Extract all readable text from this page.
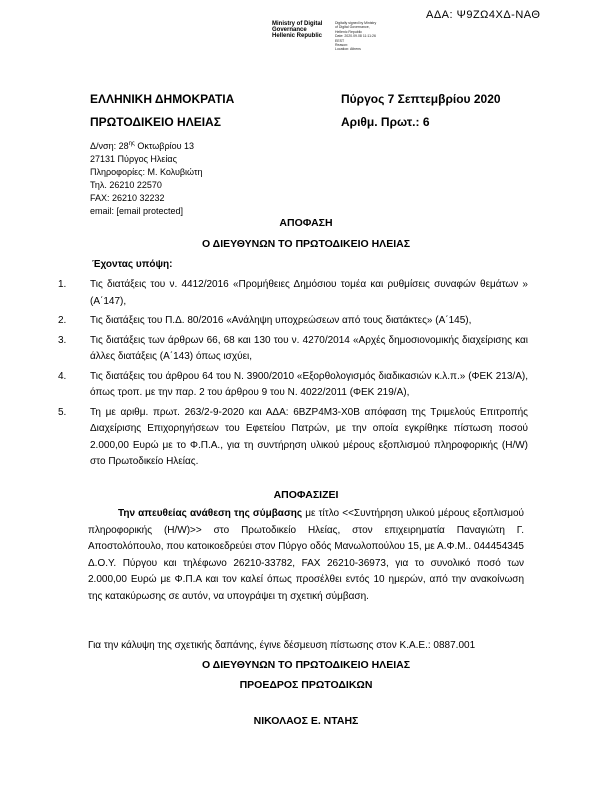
ΑΔΑ: Ψ9ΖΩ4ΧΔ-ΝΑΘ
Ministry of Digital
Governance
Hellenic Republic
Digitally signed by Ministry
of Digital Governance,
Hellenic Republic
Date: 2020.09.08 11:11:26
EEST
Reason:
Location: Athens
ΕΛΛΗΝΙΚΗ ΔΗΜΟΚΡΑΤΙΑ	Πύργος 7 Σεπτεμβρίου 2020
ΠΡΩΤΟΔΙΚΕΙΟ ΗΛΕΙΑΣ	Αριθμ. Πρωτ.: 6
Δ/νση: $28^{\eta\varsigma}$ Οκτωβρίου 13
27131 Πύργος Ηλείας
Πληροφορίες: Μ. Κολυβιώτη
Τηλ. 26210 22570
FAX: 26210 32232
email: [email protected]
ΑΠΟΦΑΣΗ
Ο ΔΙΕΥΘΥΝΩΝ ΤΟ ΠΡΩΤΟΔΙΚΕΙΟ ΗΛΕΙΑΣ
Έχοντας υπόψη:
1. Τις διατάξεις του ν. 4412/2016 «Προμήθειες Δημόσιου τομέα και ρυθμίσεις συναφών θεμάτων » (Α΄147),
2. Τις διατάξεις του Π.Δ. 80/2016 «Ανάληψη υποχρεώσεων από τους διατάκτες» (Α΄145),
3. Τις διατάξεις των άρθρων 66, 68 και 130 του ν. 4270/2014 «Αρχές δημοσιονομικής διαχείρισης και άλλες διατάξεις (Α΄143) όπως ισχύει,
4. Τις διατάξεις του άρθρου 64 του Ν. 3900/2010 «Εξορθολογισμός διαδικασιών κ.λ.π.» (ΦΕΚ 213/Α), όπως τροπ. με την παρ. 2 του άρθρου 9 του Ν. 4022/2011 (ΦΕΚ 219/Α),
5. Τη με αριθμ. πρωτ. 263/2-9-2020 και ΑΔΑ: 6ΒΖΡ4Μ3-Χ0Β απόφαση της Τριμελούς Επιτροπής Διαχείρισης Επιχορηγήσεων του Εφετείου Πατρών, με την οποία εγκρίθηκε πίστωση ποσού 2.000,00 Ευρώ με το Φ.Π.Α., για τη συντήρηση υλικού μέρους εξοπλισμού πληροφορικής (Η/W) στο Πρωτοδικείο Ηλείας.
ΑΠΟΦΑΣΙΖΕΙ
Την απευθείας ανάθεση της σύμβασης με τίτλο <<Συντήρηση υλικού μέρους εξοπλισμού πληροφορικής (Η/W)>> στο Πρωτοδικείο Ηλείας, στον επιχειρηματία Παναγιώτη Γ. Αποστολόπουλο, που κατοικοεδρεύει στον Πύργο οδός Μανωλοπούλου 15, με Α.Φ.Μ.. 044454345 Δ.Ο.Υ. Πύργου και τηλέφωνο 26210-33782, FAX 26210-36973, για το συνολικό ποσό των 2.000,00 Ευρώ με Φ.Π.Α και τον καλεί όπως προσέλθει εντός 10 ημερών, από την ανακοίνωση της κατακύρωσης σε αυτόν, να υπογράψει τη σχετική σύμβαση.
Για την κάλυψη της σχετικής δαπάνης, έγινε δέσμευση πίστωσης στον Κ.Α.Ε.: 0887.001
Ο ΔΙΕΥΘΥΝΩΝ ΤΟ ΠΡΩΤΟΔΙΚΕΙΟ ΗΛΕΙΑΣ
ΠΡΟΕΔΡΟΣ ΠΡΩΤΟΔΙΚΩΝ
ΝΙΚΟΛΑΟΣ Ε. ΝΤΑΗΣ
